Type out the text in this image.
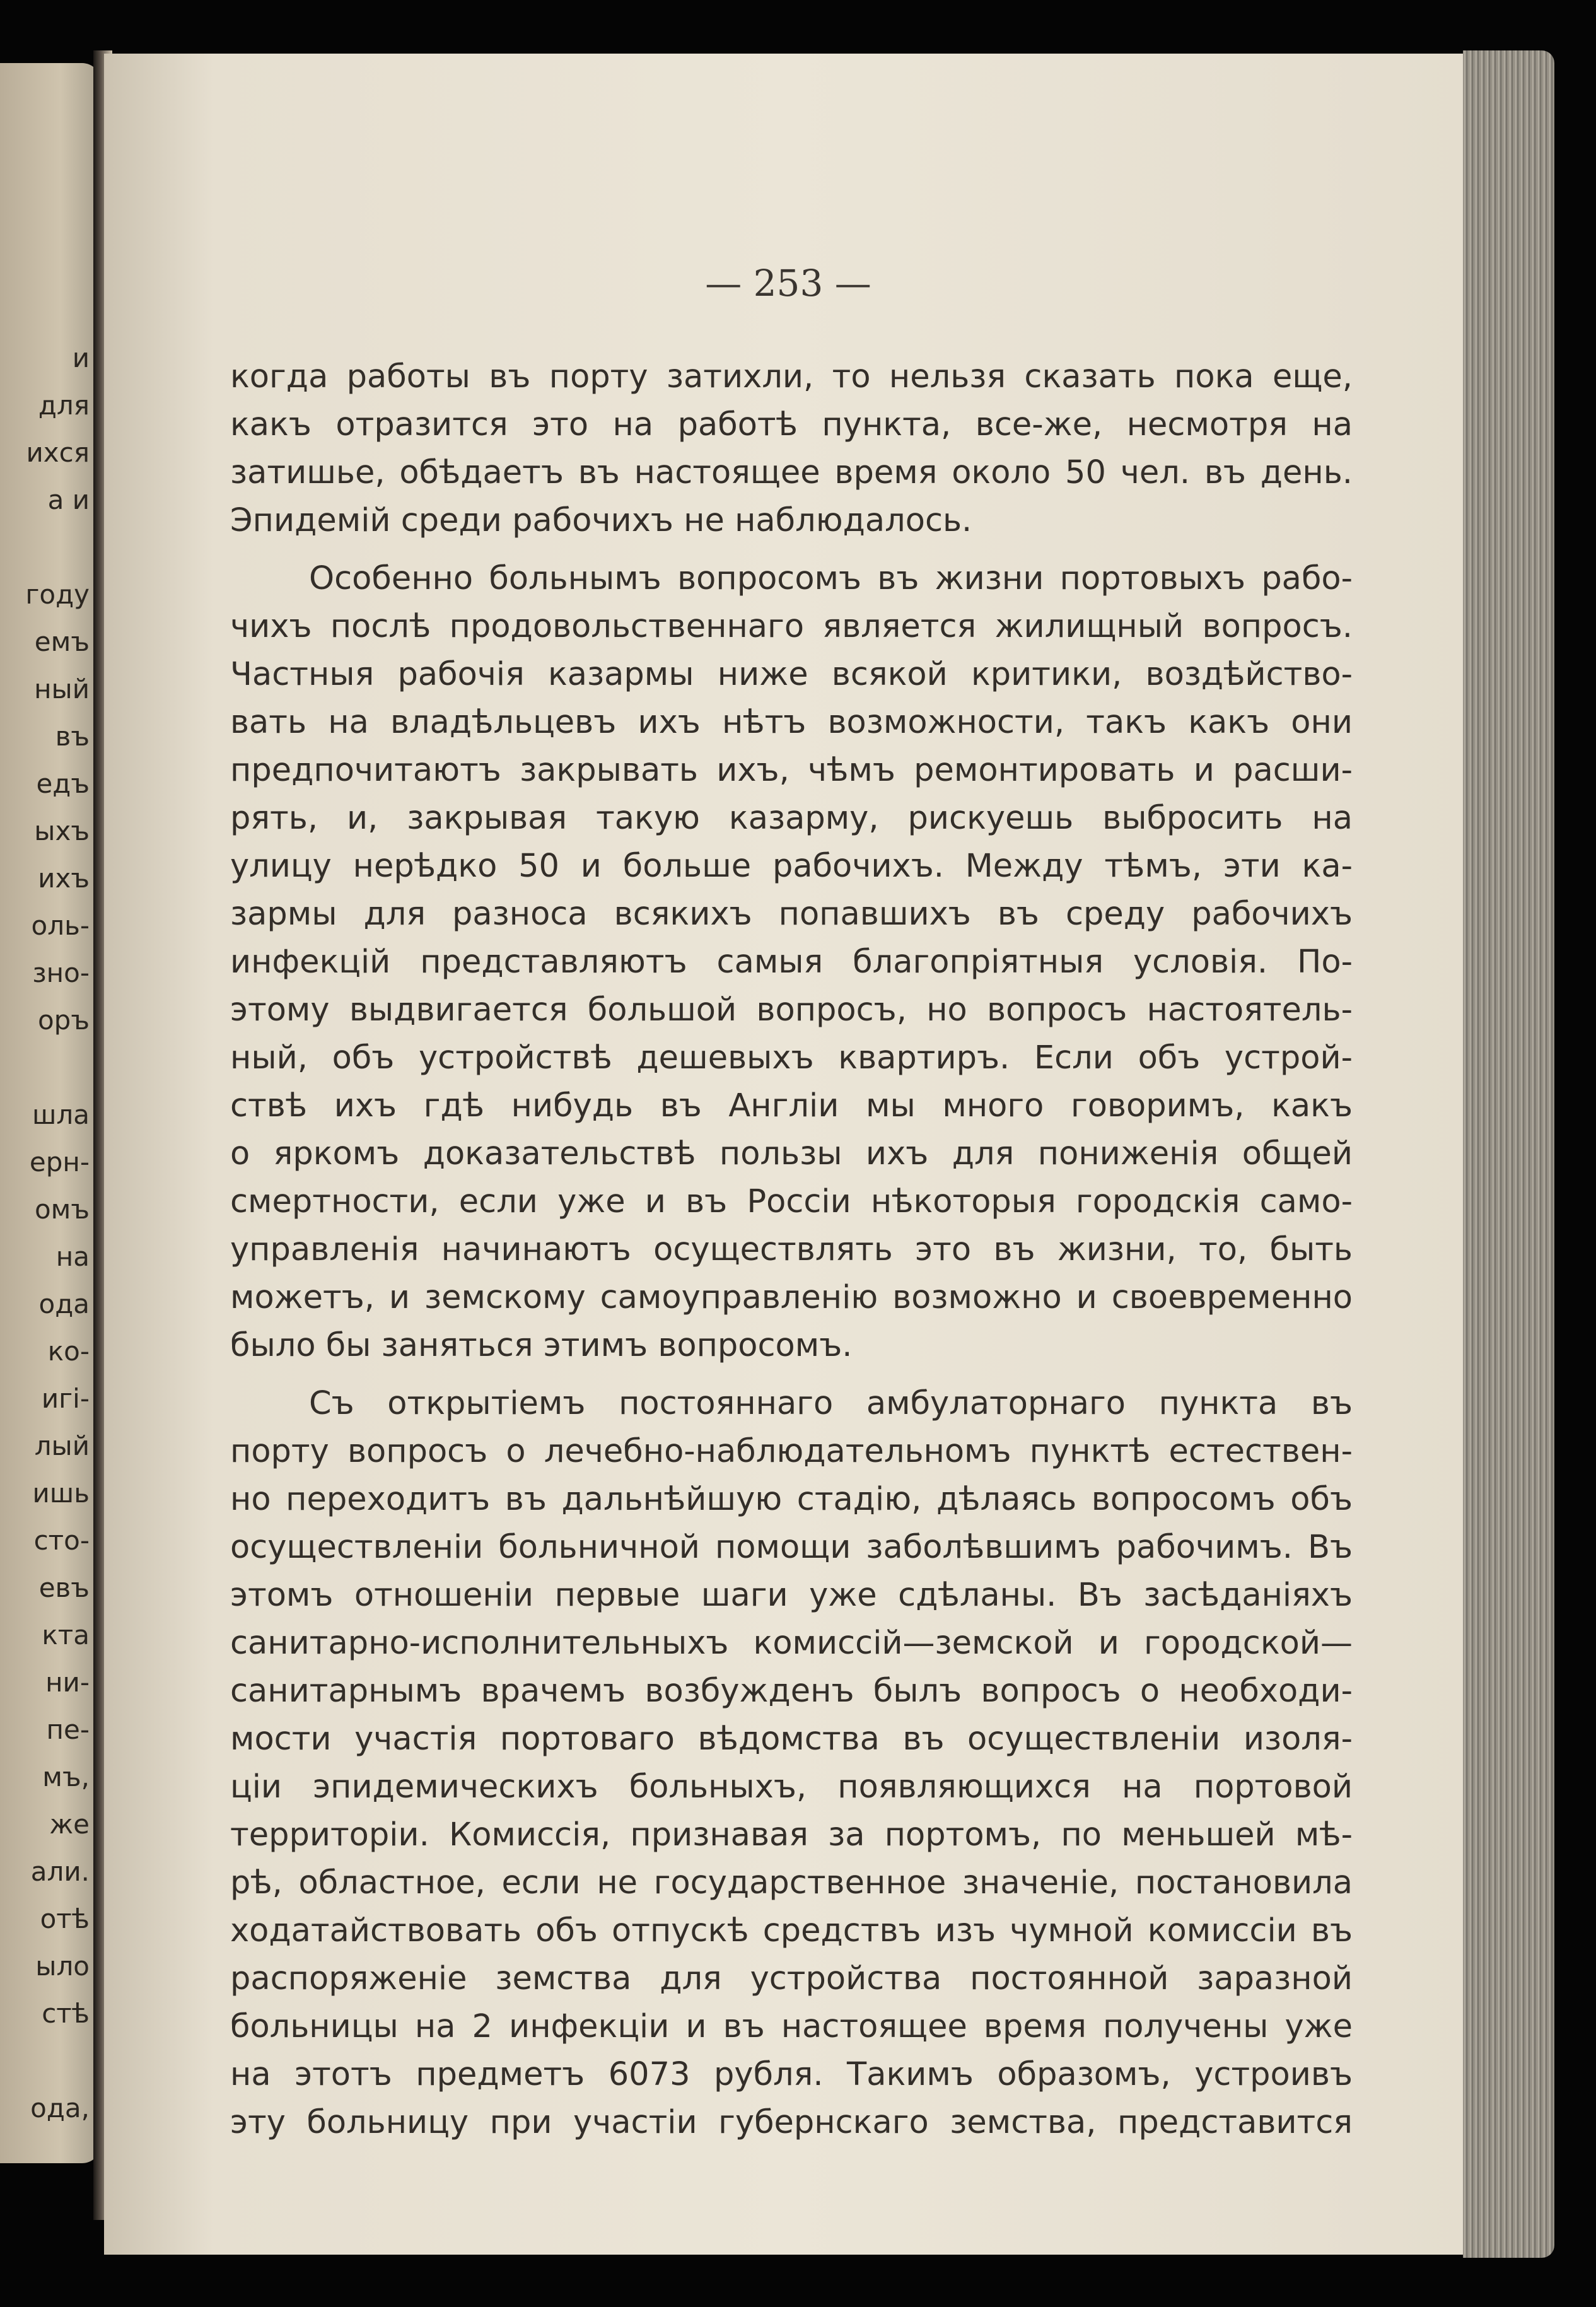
и
для
ихся
а и
году
емъ
ный
въ
едъ
ыхъ
ихъ
оль-
зно-
оръ
шла
ерн-
омъ
на
ода
ко-
игi-
лый
ишь
сто-
евъ
кта
ни-
пе-
мъ,
же
али.
отѣ
ыло
стѣ
ода,
— 253 —
когда работы въ порту затихли, то нельзя сказать пока еще,
какъ отразится это на работѣ пункта, все-же, несмотря на
затишье, обѣдаетъ въ настоящее время около 50 чел. въ день.
Эпидемiй среди рабочихъ не наблюдалось.
Особенно больнымъ вопросомъ въ жизни портовыхъ рабо-
чихъ послѣ продовольственнаго является жилищный вопросъ.
Частныя рабочiя казармы ниже всякой критики, воздѣйство-
вать на владѣльцевъ ихъ нѣтъ возможности, такъ какъ они
предпочитаютъ закрывать ихъ, чѣмъ ремонтировать и расши-
рять, и, закрывая такую казарму, рискуешь выбросить на
улицу нерѣдко 50 и больше рабочихъ. Между тѣмъ, эти ка-
зармы для разноса всякихъ попавшихъ въ среду рабочихъ
инфекцiй представляютъ самыя благопрiятныя условiя. По-
этому выдвигается большой вопросъ, но вопросъ настоятель-
ный, объ устройствѣ дешевыхъ квартиръ. Если объ устрой-
ствѣ ихъ гдѣ нибудь въ Англiи мы много говоримъ, какъ
о яркомъ доказательствѣ пользы ихъ для пониженiя общей
смертности, если уже и въ Россiи нѣкоторыя городскiя само-
управленiя начинаютъ осуществлять это въ жизни, то, быть
можетъ, и земскому самоуправленiю возможно и своевременно
было бы заняться этимъ вопросомъ.
Съ открытiемъ постояннаго амбулаторнаго пункта въ
порту вопросъ о лечебно-наблюдательномъ пунктѣ естествен-
но переходитъ въ дальнѣйшую стадiю, дѣлаясь вопросомъ объ
осуществленiи больничной помощи заболѣвшимъ рабочимъ. Въ
этомъ отношенiи первые шаги уже сдѣланы. Въ засѣданiяхъ
санитарно-исполнительныхъ комиссiй—земской и городской—
санитарнымъ врачемъ возбужденъ былъ вопросъ о необходи-
мости участiя портоваго вѣдомства въ осуществленiи изоля-
цiи эпидемическихъ больныхъ, появляющихся на портовой
территорiи. Комиссiя, признавая за портомъ, по меньшей мѣ-
рѣ, областное, если не государственное значенiе, постановила
ходатайствовать объ отпускѣ средствъ изъ чумной комиссiи въ
распоряженiе земства для устройства постоянной заразной
больницы на 2 инфекцiи и въ настоящее время получены уже
на этотъ предметъ 6073 рубля. Такимъ образомъ, устроивъ
эту больницу при участiи губернскаго земства, представится
